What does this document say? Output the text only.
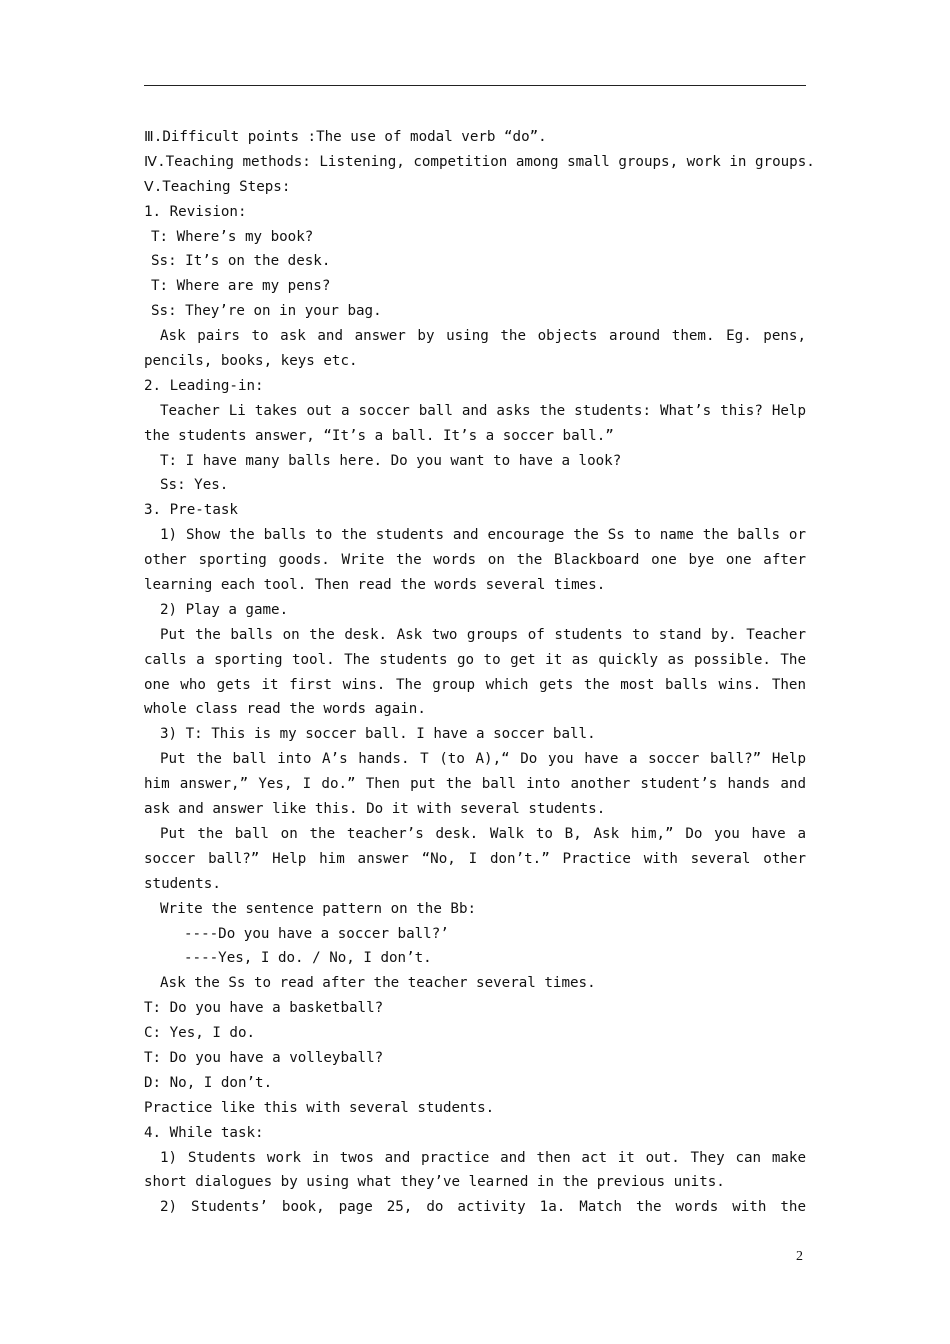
Ⅲ.Difficult points :The use of modal verb “do”.
Ⅳ.Teaching methods: Listening, competition among small groups, work in groups.
Ⅴ.Teaching Steps:
1. Revision:
T: Where’s my book?
Ss: It’s on the desk.
T: Where are my pens?
Ss: They’re on in your bag.
Ask pairs to ask and answer by using the objects around them. Eg. pens,
pencils, books, keys etc.
2. Leading-in:
Teacher Li takes out a soccer ball and asks the students: What’s this? Help
the students answer, “It’s a ball. It’s a soccer ball.”
T: I have many balls here. Do you want to have a look?
Ss: Yes.
3. Pre-task
1) Show the balls to the students and encourage the Ss to name the balls or
other sporting goods. Write the words on the Blackboard one bye one after
learning each tool. Then read the words several times.
2) Play a game.
Put the balls on the desk. Ask two groups of students to stand by. Teacher
calls a sporting tool. The students go to get it as quickly as possible. The
one who gets it first wins. The group which gets the most balls wins. Then
whole class read the words again.
3) T: This is my soccer ball. I have a soccer ball.
Put the ball into A’s hands. T (to A),“ Do you have a soccer ball?” Help
him answer,” Yes, I do.” Then put the ball into another student’s hands and
ask and answer like this. Do it with several students.
Put the ball on the teacher’s desk. Walk to B, Ask him,” Do you have a
soccer ball?” Help him answer “No, I don’t.” Practice with several other
students.
Write the sentence pattern on the Bb:
----Do you have a soccer ball?’
----Yes, I do. / No, I don’t.
Ask the Ss to read after the teacher several times.
T: Do you have a basketball?
C: Yes, I do.
T: Do you have a volleyball?
D: No, I don’t.
Practice like this with several students.
4. While task:
1) Students work in twos and practice and then act it out. They can make
short dialogues by using what they’ve learned in the previous units.
2) Students’ book, page 25, do activity 1a. Match the words with the
2
